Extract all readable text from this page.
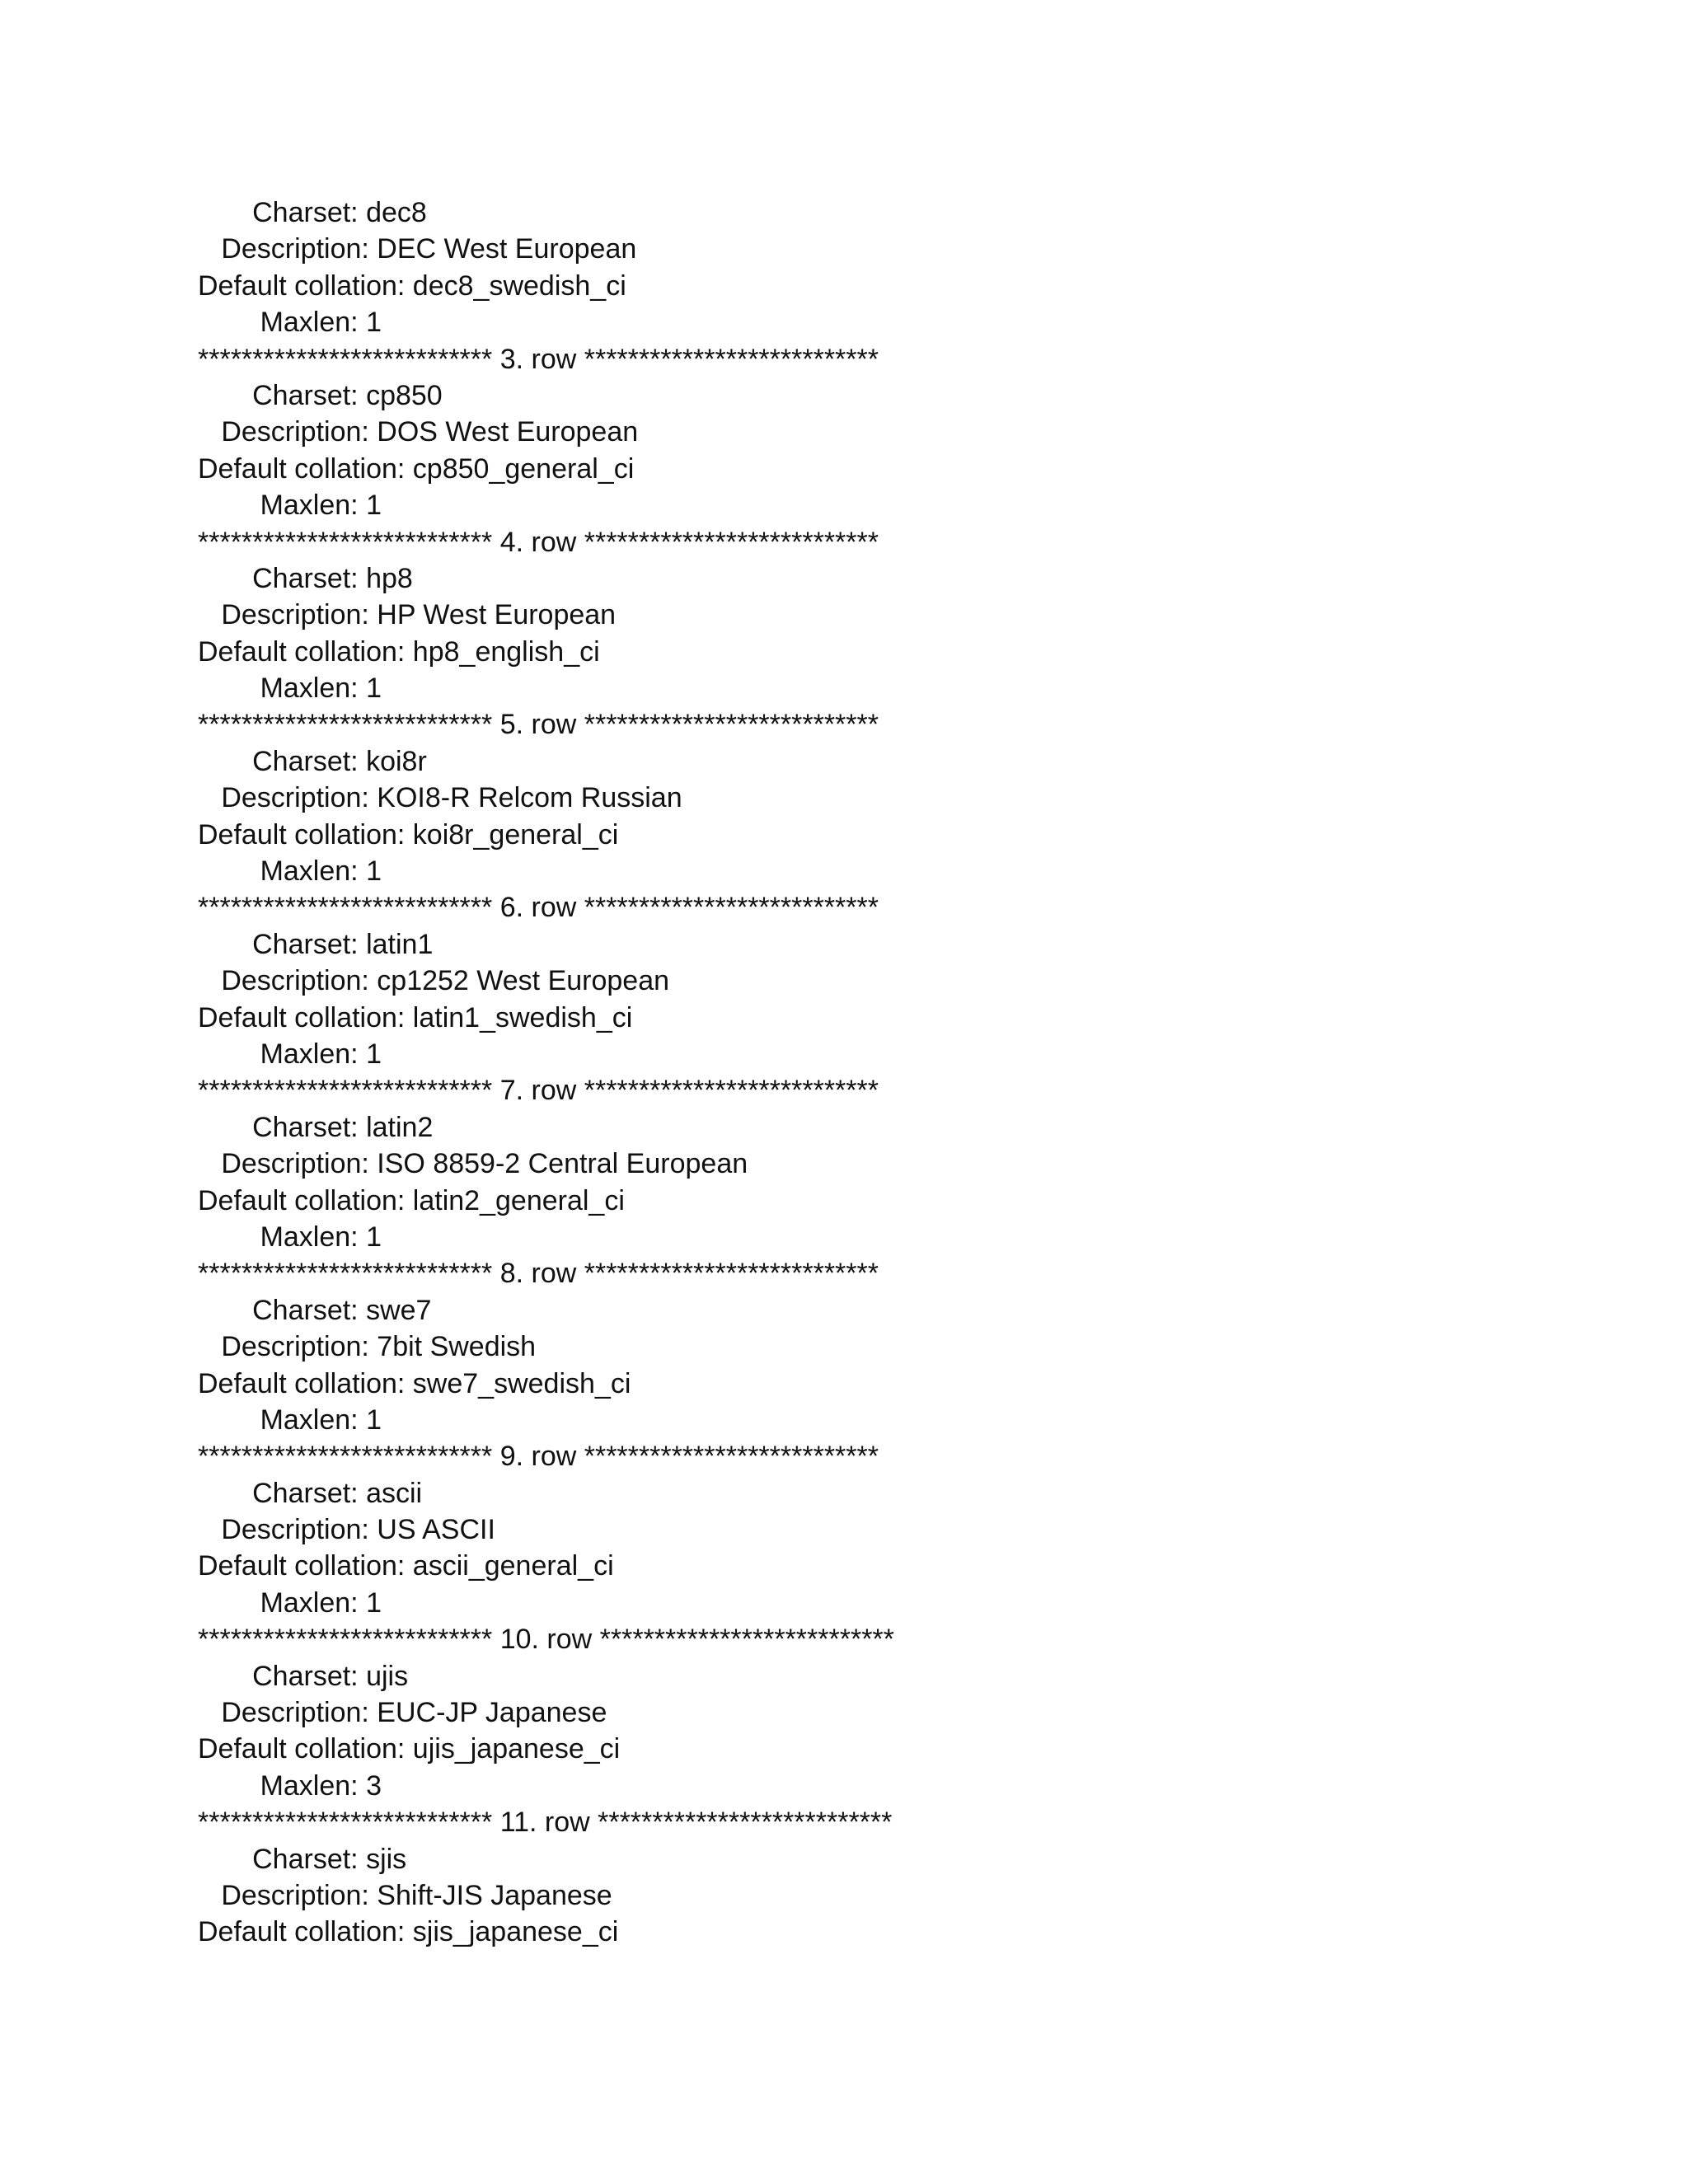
Charset: dec8
Description: DEC West European
Default collation: dec8_swedish_ci
Maxlen: 1
*************************** 3. row ***************************
Charset: cp850
Description: DOS West European
Default collation: cp850_general_ci
Maxlen: 1
*************************** 4. row ***************************
Charset: hp8
Description: HP West European
Default collation: hp8_english_ci
Maxlen: 1
*************************** 5. row ***************************
Charset: koi8r
Description: KOI8-R Relcom Russian
Default collation: koi8r_general_ci
Maxlen: 1
*************************** 6. row ***************************
Charset: latin1
Description: cp1252 West European
Default collation: latin1_swedish_ci
Maxlen: 1
*************************** 7. row ***************************
Charset: latin2
Description: ISO 8859-2 Central European
Default collation: latin2_general_ci
Maxlen: 1
*************************** 8. row ***************************
Charset: swe7
Description: 7bit Swedish
Default collation: swe7_swedish_ci
Maxlen: 1
*************************** 9. row ***************************
Charset: ascii
Description: US ASCII
Default collation: ascii_general_ci
Maxlen: 1
*************************** 10. row ***************************
Charset: ujis
Description: EUC-JP Japanese
Default collation: ujis_japanese_ci
Maxlen: 3
*************************** 11. row ***************************
Charset: sjis
Description: Shift-JIS Japanese
Default collation: sjis_japanese_ci
